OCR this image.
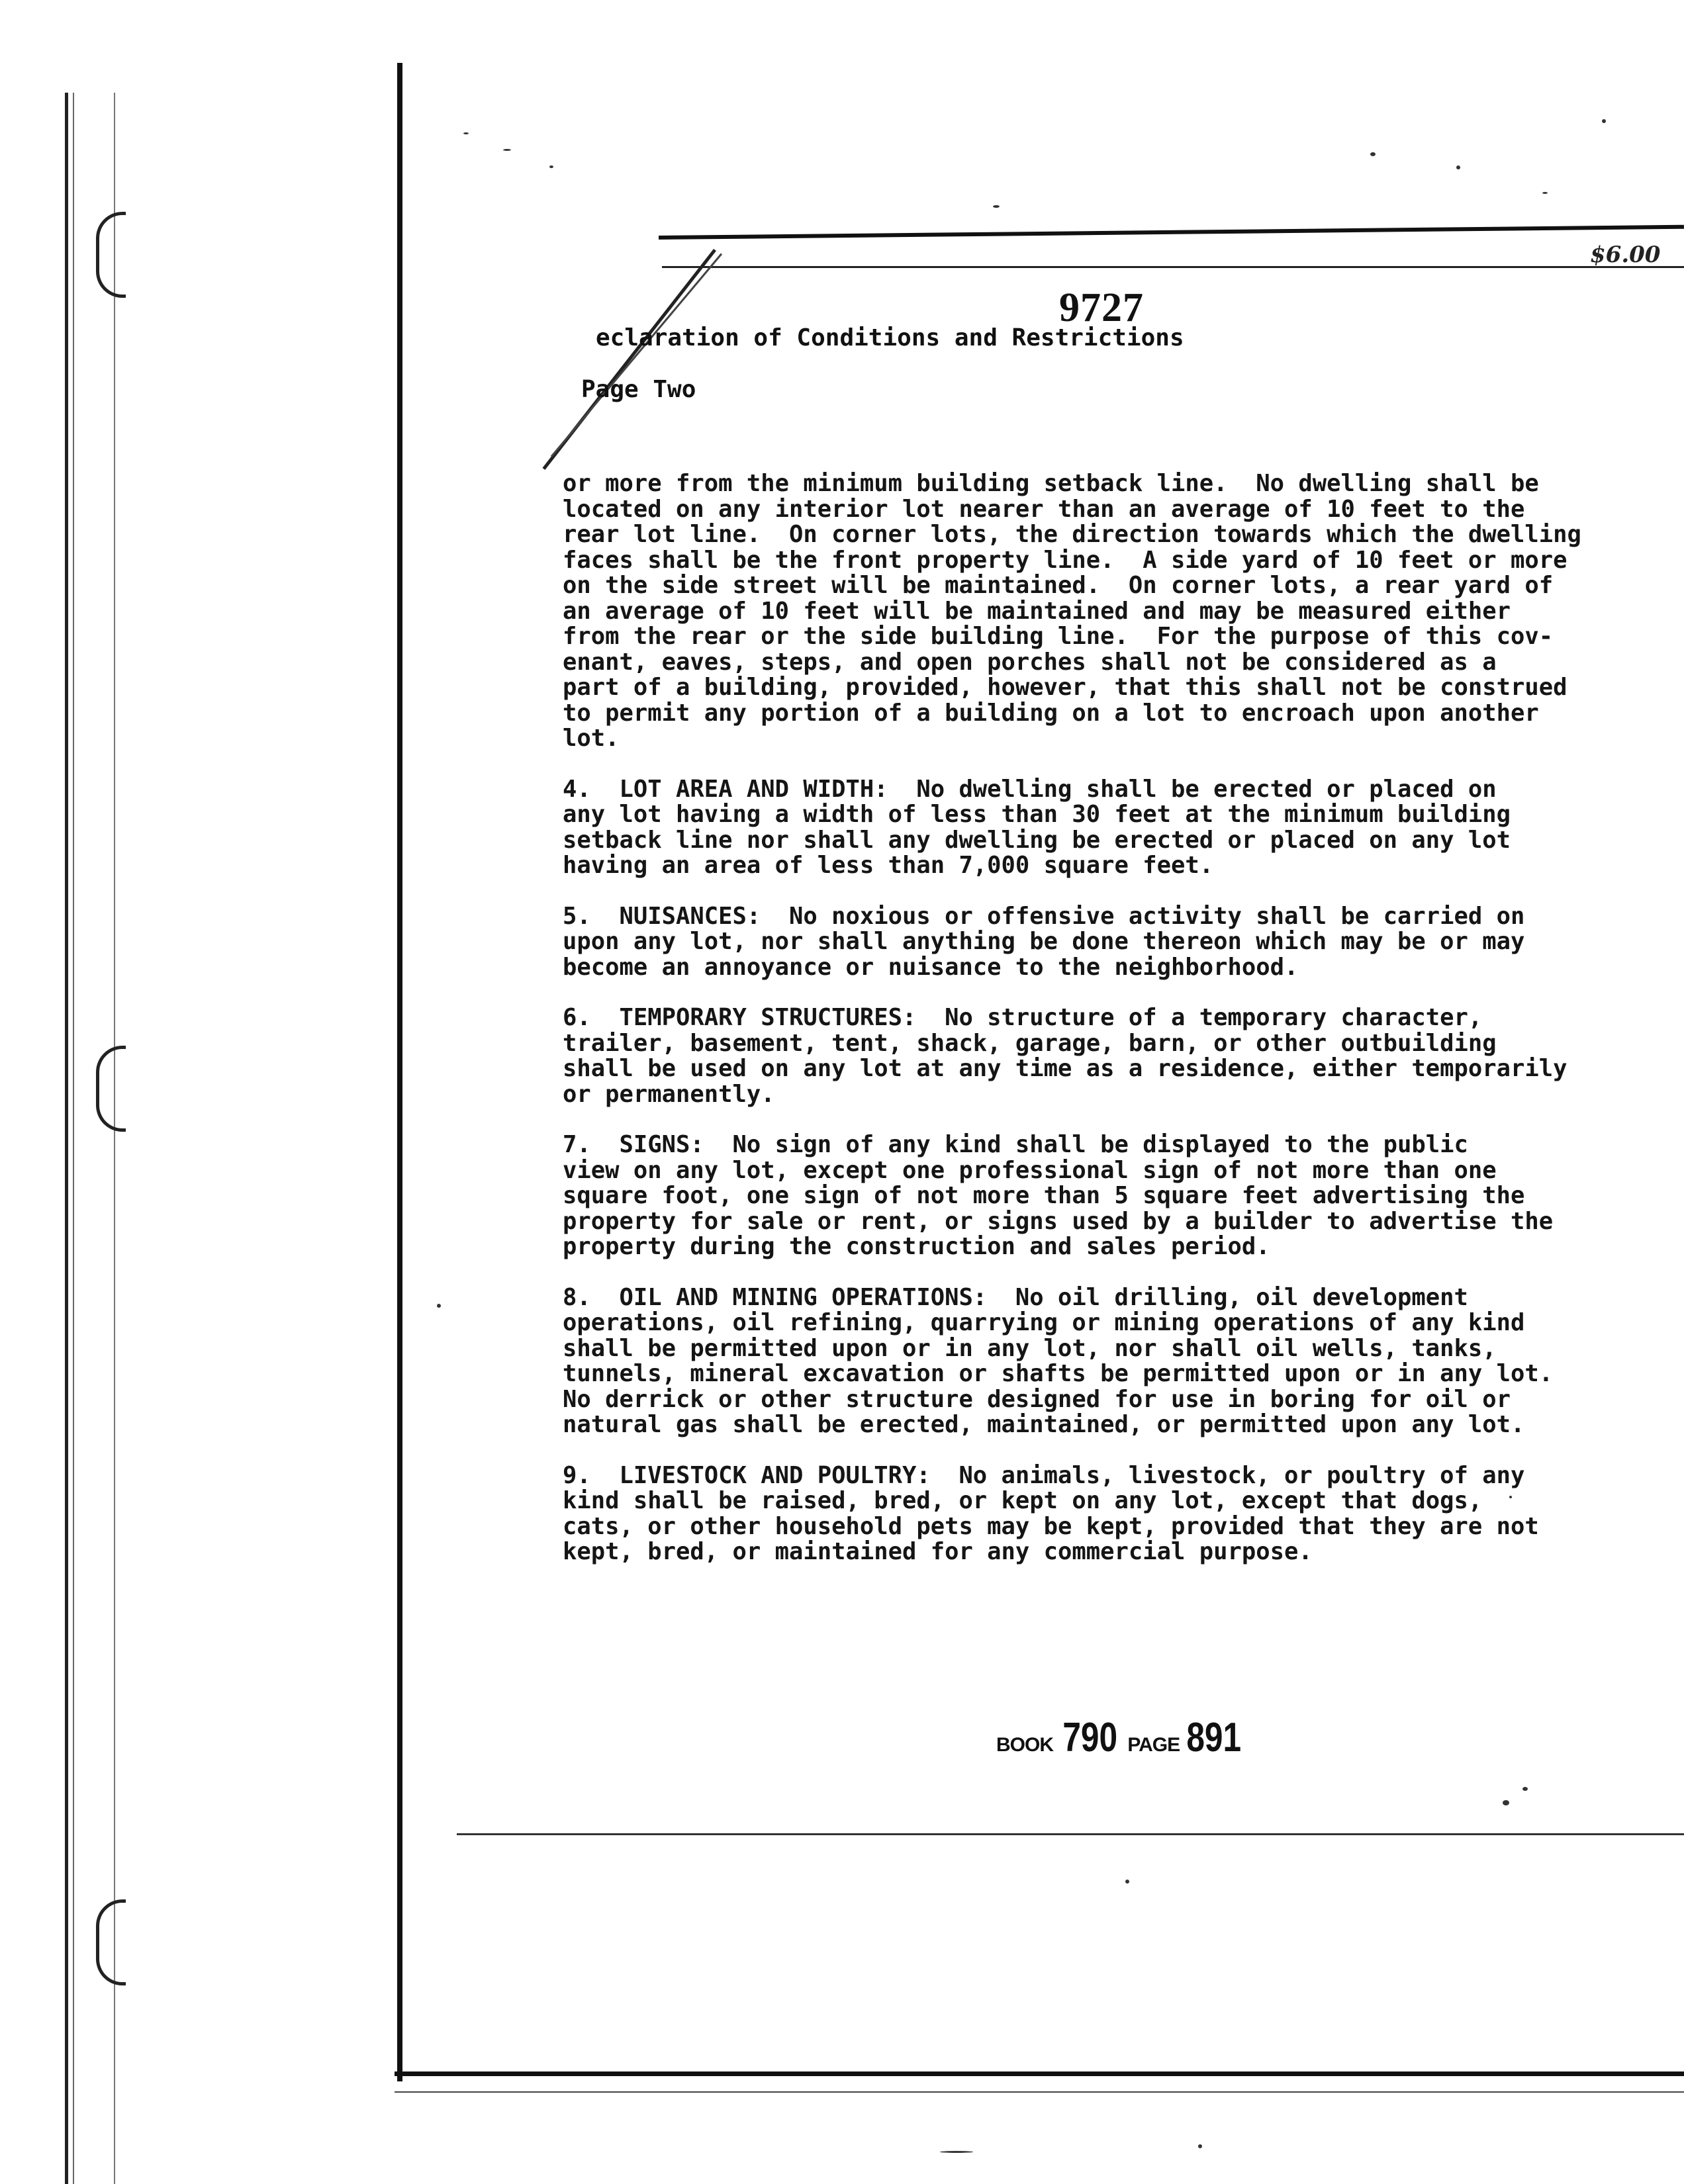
$6.00
9727
eclaration of Conditions and Restrictions
Page Two

or more from the minimum building setback line.  No dwelling shall be
located on any interior lot nearer than an average of 10 feet to the
rear lot line.  On corner lots, the direction towards which the dwelling
faces shall be the front property line.  A side yard of 10 feet or more
on the side street will be maintained.  On corner lots, a rear yard of
an average of 10 feet will be maintained and may be measured either
from the rear or the side building line.  For the purpose of this cov-
enant, eaves, steps, and open porches shall not be considered as a
part of a building, provided, however, that this shall not be construed
to permit any portion of a building on a lot to encroach upon another
lot.

4.  LOT AREA AND WIDTH:  No dwelling shall be erected or placed on
any lot having a width of less than 30 feet at the minimum building
setback line nor shall any dwelling be erected or placed on any lot
having an area of less than 7,000 square feet.

5.  NUISANCES:  No noxious or offensive activity shall be carried on
upon any lot, nor shall anything be done thereon which may be or may
become an annoyance or nuisance to the neighborhood.

6.  TEMPORARY STRUCTURES:  No structure of a temporary character,
trailer, basement, tent, shack, garage, barn, or other outbuilding
shall be used on any lot at any time as a residence, either temporarily
or permanently.

7.  SIGNS:  No sign of any kind shall be displayed to the public
view on any lot, except one professional sign of not more than one
square foot, one sign of not more than 5 square feet advertising the
property for sale or rent, or signs used by a builder to advertise the
property during the construction and sales period.

8.  OIL AND MINING OPERATIONS:  No oil drilling, oil development
operations, oil refining, quarrying or mining operations of any kind
shall be permitted upon or in any lot, nor shall oil wells, tanks,
tunnels, mineral excavation or shafts be permitted upon or in any lot.
No derrick or other structure designed for use in boring for oil or
natural gas shall be erected, maintained, or permitted upon any lot.

9.  LIVESTOCK AND POULTRY:  No animals, livestock, or poultry of any
kind shall be raised, bred, or kept on any lot, except that dogs,
cats, or other household pets may be kept, provided that they are not
kept, bred, or maintained for any commercial purpose.

BOOK 790 PAGE 891
